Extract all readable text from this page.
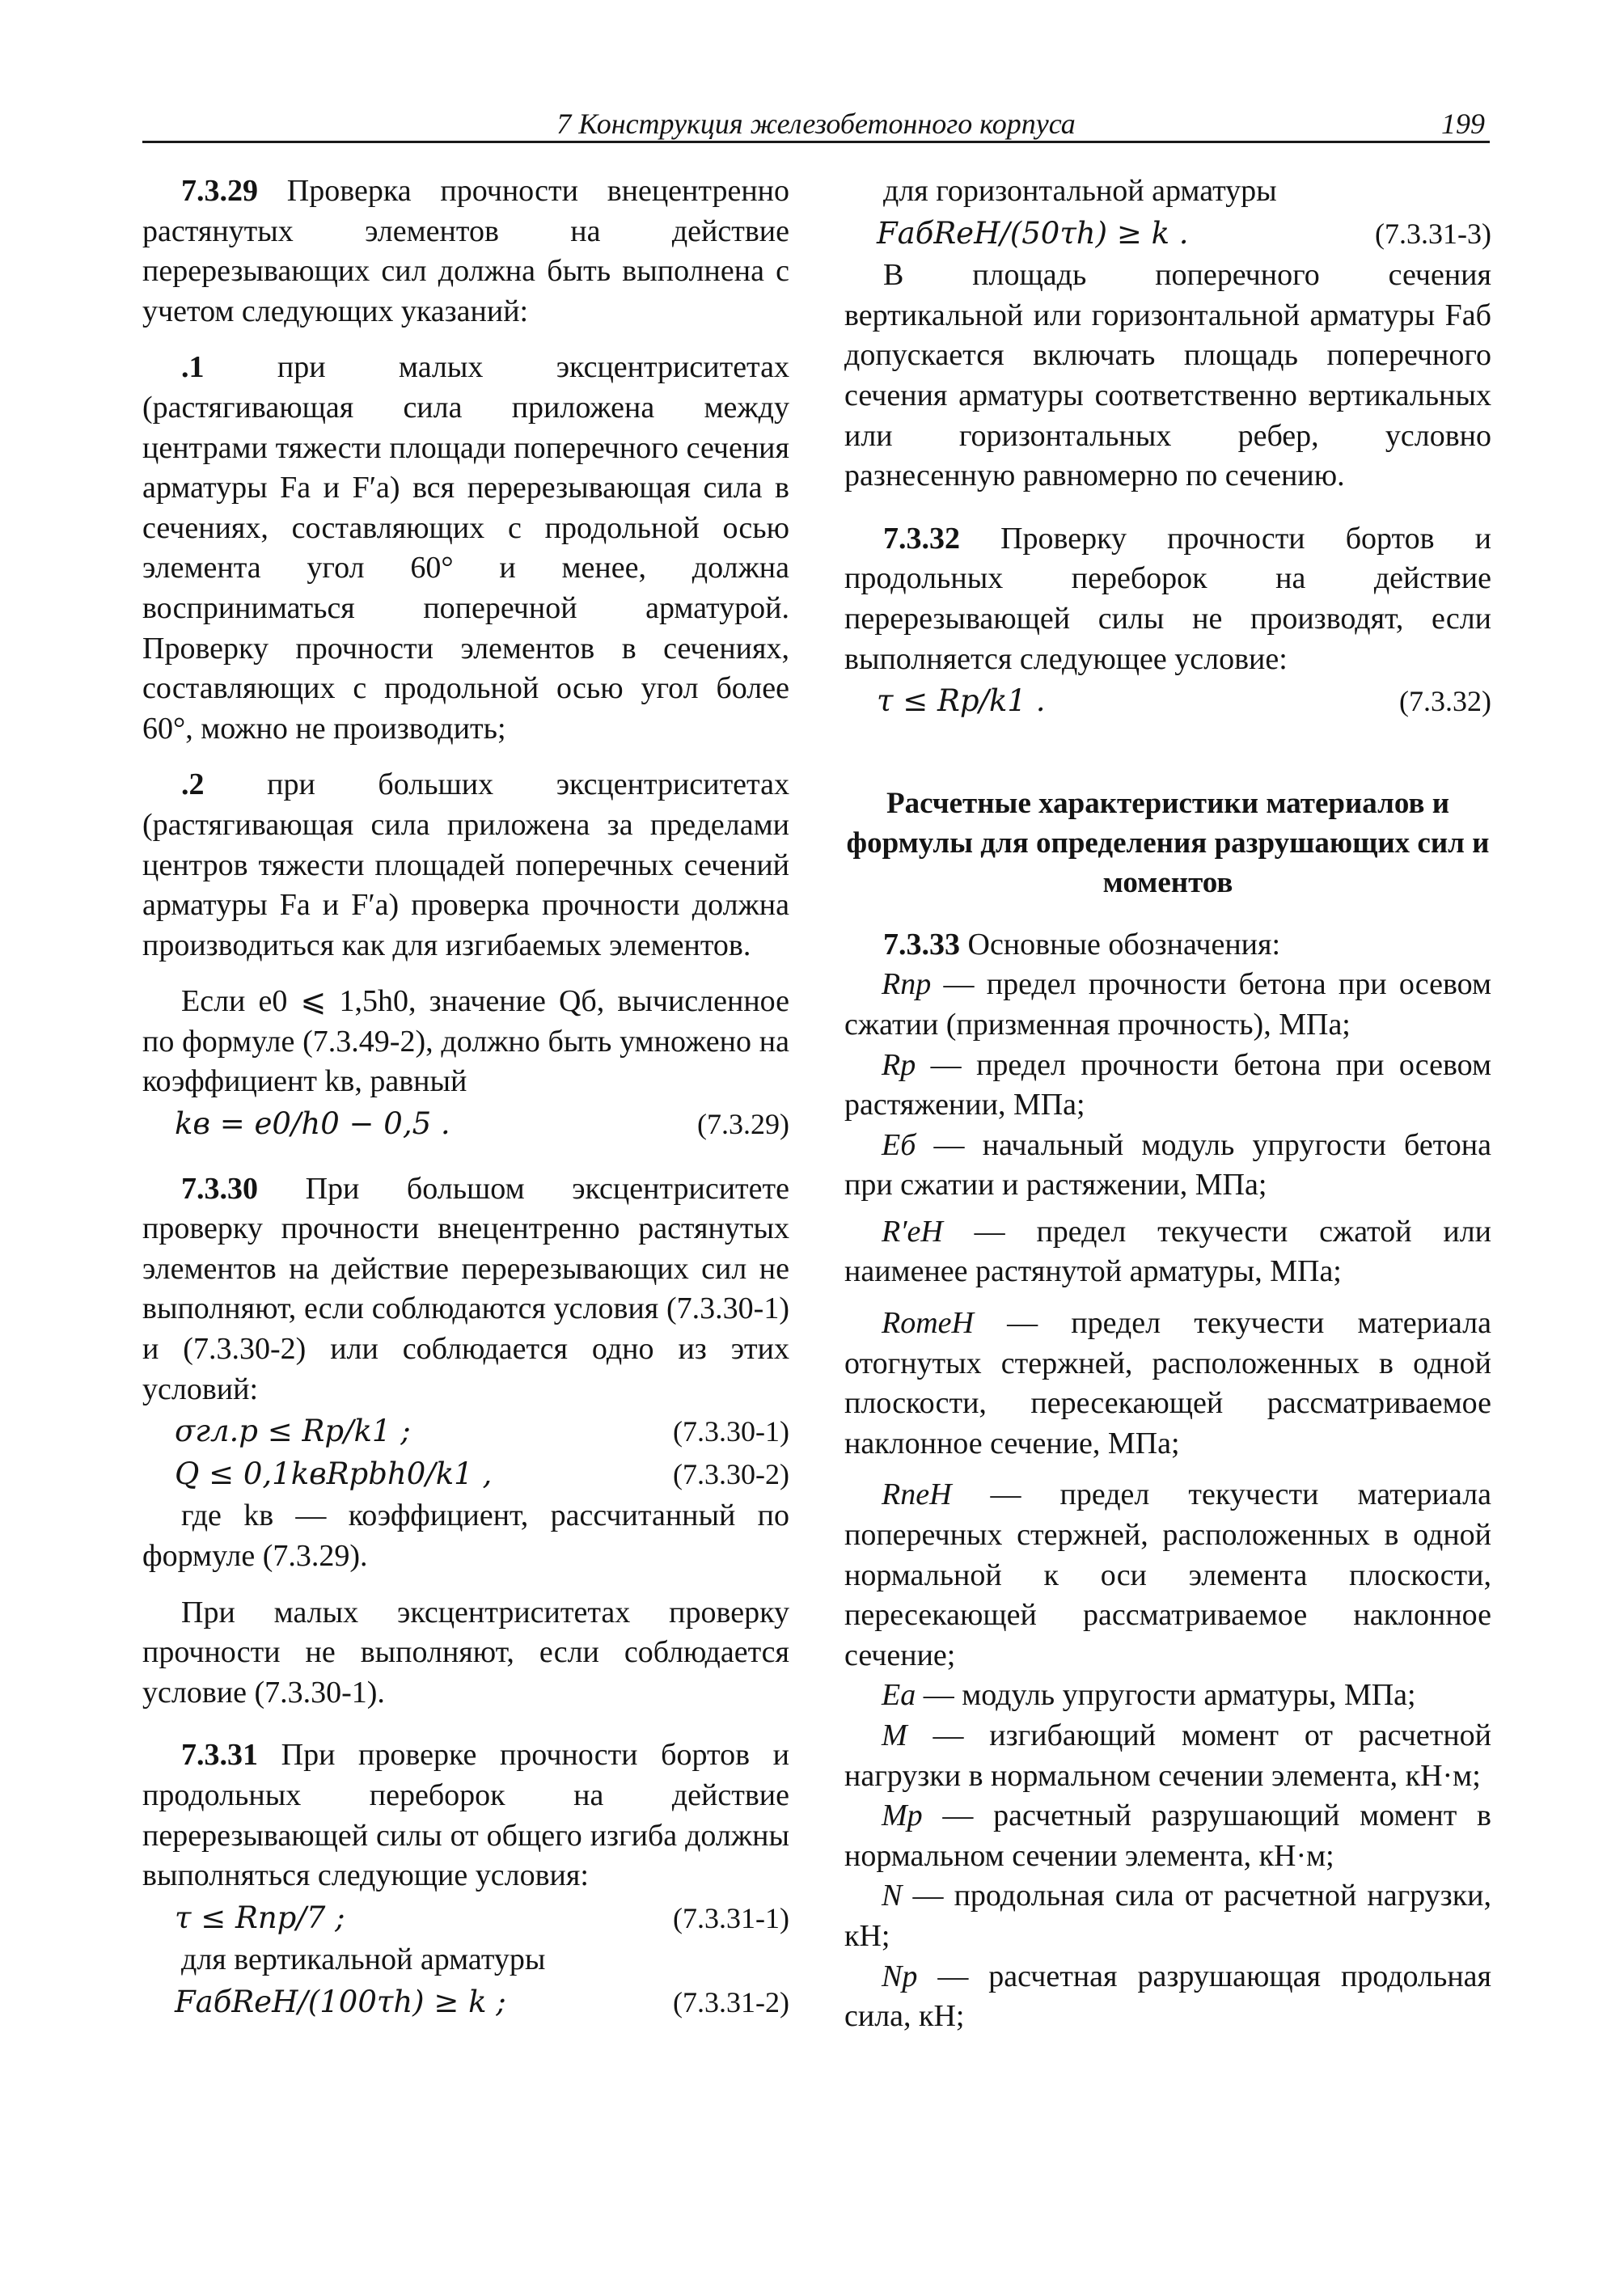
7 Конструкция железобетонного корпуса	199

7.3.29 Проверка прочности внецентренно растянутых элементов на действие перерезывающих сил должна быть выполнена с учетом следующих указаний:

.1 при малых эксцентриситетах (растягивающая сила приложена между центрами тяжести площади поперечного сечения арматуры Fа и F′а) вся перерезывающая сила в сечениях, составляющих с продольной осью элемента угол 60° и менее, должна восприниматься поперечной арматурой. Проверку прочности элементов в сечениях, составляющих с продольной осью угол более 60°, можно не производить;

.2 при больших эксцентриситетах (растягивающая сила приложена за пределами центров тяжести площадей поперечных сечений арматуры Fа и F′а) проверка прочности должна производиться как для изгибаемых элементов.

Если e0 ⩽ 1,5h0, значение Qб, вычисленное по формуле (7.3.49-2), должно быть умножено на коэффициент kв, равный

kв = e0/h0 − 0,5 .	(7.3.29)

7.3.30 При большом эксцентриситете проверку прочности внецентренно растянутых элементов на действие перерезывающих сил не выполняют, если соблюдаются условия (7.3.30-1) и (7.3.30-2) или соблюдается одно из этих условий:

σгл.р ≤ Rр/k1 ;	(7.3.30-1)
Q ≤ 0,1kвRрbh0/k1 ,	(7.3.30-2)

где kв — коэффициент, рассчитанный по формуле (7.3.29).

При малых эксцентриситетах проверку прочности не выполняют, если соблюдается условие (7.3.30-1).

7.3.31 При проверке прочности бортов и продольных переборок на действие перерезывающей силы от общего изгиба должны выполняться следующие условия:

τ ≤ Rпр/7 ;	(7.3.31-1)

для вертикальной арматуры

FабReН/(100τh) ≥ k ;	(7.3.31-2)

для горизонтальной арматуры

FабReН/(50τh) ≥ k .	(7.3.31-3)

В площадь поперечного сечения вертикальной или горизонтальной арматуры Fаб допускается включать площадь поперечного сечения арматуры соответственно вертикальных или горизонтальных ребер, условно разнесенную равномерно по сечению.

7.3.32 Проверку прочности бортов и продольных переборок на действие перерезывающей силы не производят, если выполняется следующее условие:

τ ≤ Rр/k1 .	(7.3.32)

Расчетные характеристики материалов и формулы для определения разрушающих сил и моментов

7.3.33 Основные обозначения:

Rпр — предел прочности бетона при осевом сжатии (призменная прочность), МПа;

Rр — предел прочности бетона при осевом растяжении, МПа;

Eб — начальный модуль упругости бетона при сжатии и растяжении, МПа;

R′eН — предел текучести сжатой или наименее растянутой арматуры, МПа;

RотeН — предел текучести материала отогнутых стержней, расположенных в одной плоскости, пересекающей рассматриваемое наклонное сечение, МПа;

RпeН — предел текучести материала поперечных стержней, расположенных в одной нормальной к оси элемента плоскости, пересекающей рассматриваемое наклонное сечение;

Eа — модуль упругости арматуры, МПа;

M — изгибающий момент от расчетной нагрузки в нормальном сечении элемента, кН·м;

Mр — расчетный разрушающий момент в нормальном сечении элемента, кН·м;

N — продольная сила от расчетной нагрузки, кН;

Nр — расчетная разрушающая продольная сила, кН;
